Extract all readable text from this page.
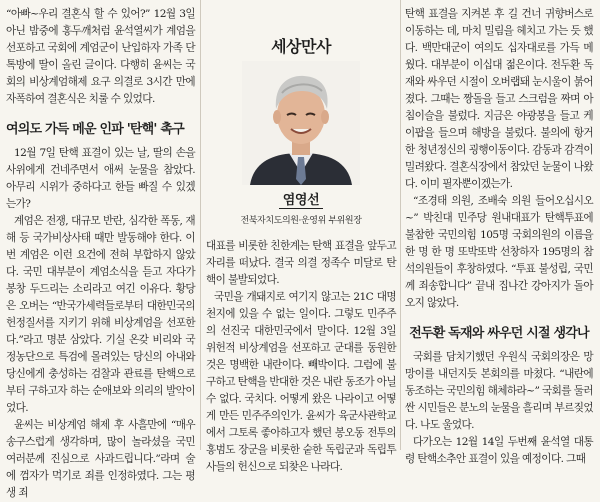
“아빠~우리 결혼식 할 수 있어?” 12월 3일 아닌 밤중에 홍두깨처럼 윤석열씨가 계엄을 선포하고 국회에 계엄군이 난입하자 가족 단톡방에 딸이 올린 글이다. 다행히 윤씨는 국회의 비상계엄해제 요구 의결로 3시간 만에 자폭하여 결혼식은 치룰 수 있었다.

여의도 가득 메운 인파 '탄핵' 촉구

12월 7일 탄핵 표결이 있는 날, 딸의 손을 사위에게 건네주면서 애써 눈물을 참았다. 아무리 시위가 중하다고 한들 빠질 수 있겠는가?

계엄은 전쟁, 대규모 반란, 심각한 폭동, 재해 등 국가비상사태 때만 발동해야 한다. 이번 계엄은 이런 요건에 전혀 부합하지 않았다. 국민 대부분이 계엄소식을 듣고 자다가 봉창 두드리는 소리라고 여긴 이유다. 황당은 오버는 “반국가세력들로부터 대한민국의 헌정질서를 지키기 위해 비상계엄을 선포한다.”라고 명분 삼았다. 기실 온갖 비리와 국정농단으로 특검에 몰려있는 당신의 아내와 당신에게 충성하는 검찰과 관료를 탄핵으로부터 구하고자 하는 순애보와 의리의 발악이었다.

윤씨는 비상계엄 해제 후 사흘만에 “매우 송구스럽게 생각하며, 많이 놀라셨을 국민 여러분께 진심으로 사과드립니다.”라며 술에 껌자가 먹기로 죄를 인정하였다. 그는 평생 죄

세상만사
염영선
전북자치도의원·운영위 부위원장

대표를 비롯한 친한계는 탄핵 표결을 앞두고 자리를 떠났다. 결국 의결 정족수 미달로 탄핵이 불발되었다.

국민을 개돼지로 여기지 않고는 21C 대명천지에 있을 수 없는 일이다. 그렇도 민주주의 선진국 대한민국에서 말이다. 12월 3일 위헌적 비상계엄을 선포하고 군대를 동원한 것은 명백한 내란이다. 빼박이다. 그럼에 불구하고 탄핵을 반대한 것은 내란 동조가 아닐 수 없다. 국치다. 어떻게 왔은 나라이고 어떻게 만든 민주주의인가. 윤씨가 육군사관학교에서 그토록 좋아하고자 했던 봉오동 전투의 홍범도 장군을 비롯한 숱한 독립군과 독립투사들의 헌신으로 되찾은 나라다.

탄핵 표결을 지켜본 후 길 건너 귀향버스로 이동하는 데, 마치 밀림을 헤치고 가는 듯 했다. 백만대군이 여의도 십자대로를 가득 메웠다. 대부분이 이십대 젊은이다. 전두환 독재와 싸우던 시절이 오버랩돼 눈시울이 붉어졌다. 그때는 짱돌을 들고 스크럼을 짜며 아침이슬을 불렀다. 지금은 야광봉을 들고 케이팝을 들으며 해방을 불렀다. 불의에 항거한 청년정신의 굉행이동이다. 감동과 감격이 밀려왔다. 결혼식장에서 참았던 눈물이 나왔다. 이미 필자뿐이겠는가.

“조경태 의원, 조배숙 의원 들어오십시오~” 박친대 민주당 원내대표가 탄핵투표에 불참한 국민의힘 105명 국회의원의 이름을 한 명 한 명 또박또박 선창하자 195명의 참석의원들이 후창하였다. “투표 불성립, 국민께 죄송합니다” 끝내 집나간 강아지가 돌아오지 않았다.

전두환 독재와 싸우던 시절 생각나

국회를 담치기했던 우원식 국회의장은 망망이를 내던지듯 본회의를 마쳤다. “내란에 동조하는 국민의힘 해체하라~” 국회를 둘러싼 시민들은 분노의 눈물을 흘리며 부르짖었다. 나도 울었다.

다가오는 12월 14일 두번째 윤석열 대통령 탄핵소추안 표결이 있을 예정이다. 그때
